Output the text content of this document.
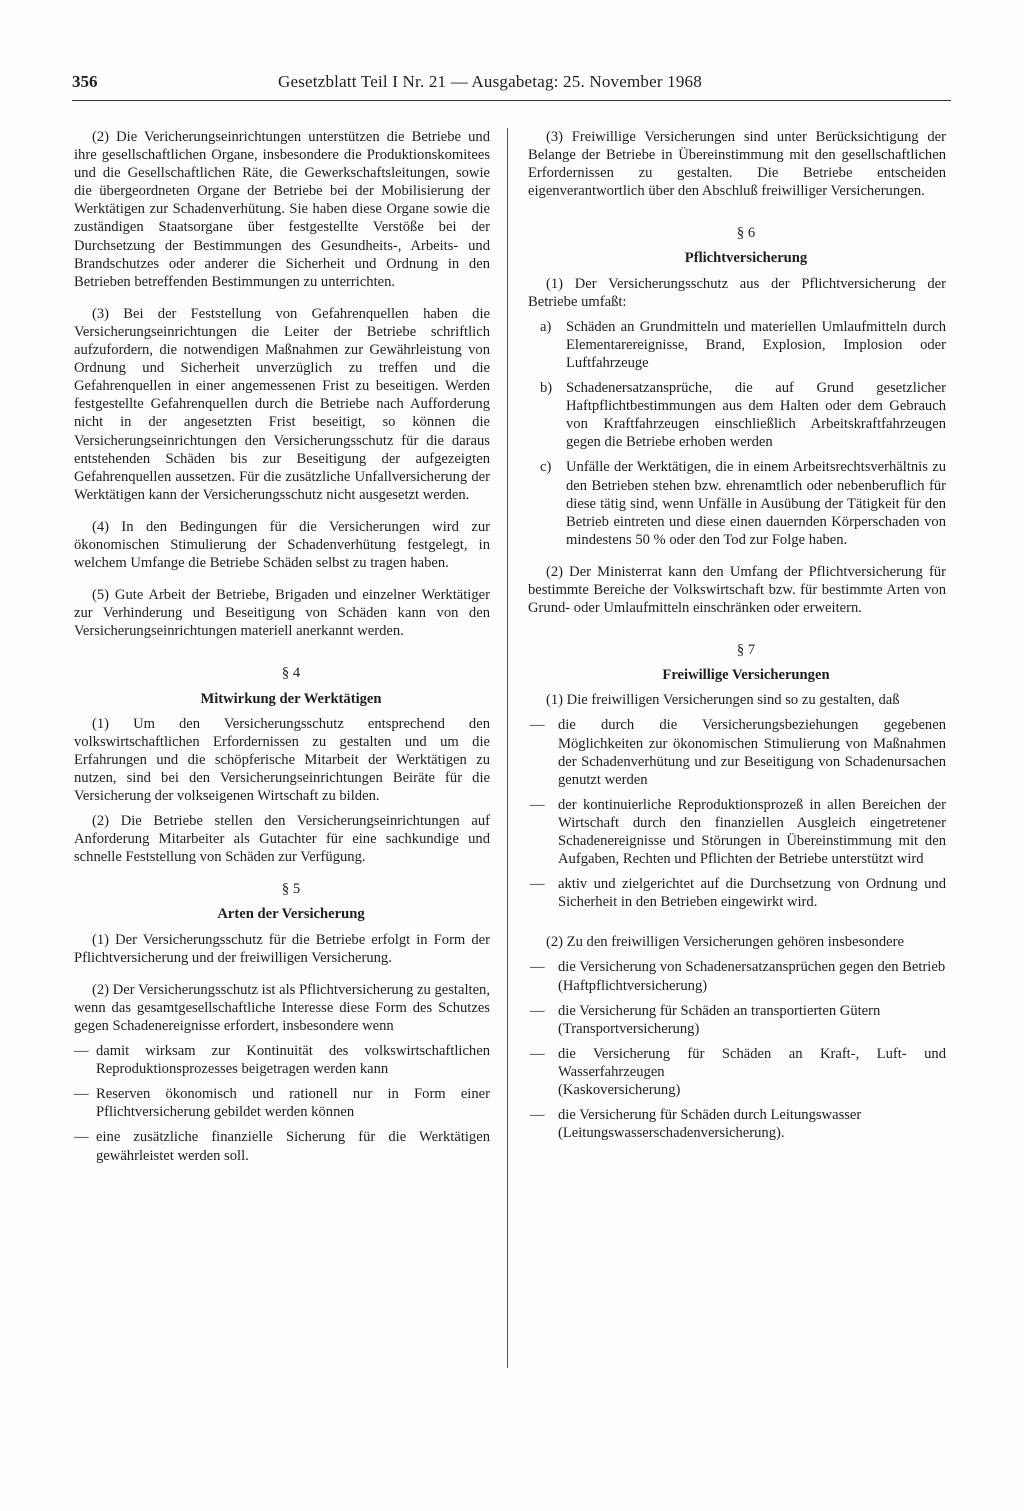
356	Gesetzblatt Teil I Nr. 21 — Ausgabetag: 25. November 1968

(2) Die Vericherungseinrichtungen unterstützen die Betriebe und ihre gesellschaftlichen Organe, insbesondere die Produktionskomitees und die Gesellschaftlichen Räte, die Gewerkschaftsleitungen, sowie die übergeordneten Organe der Betriebe bei der Mobilisierung der Werktätigen zur Schadenverhütung. Sie haben diese Organe sowie die zuständigen Staatsorgane über festgestellte Verstöße bei der Durchsetzung der Bestimmungen des Gesundheits-, Arbeits- und Brandschutzes oder anderer die Sicherheit und Ordnung in den Betrieben betreffenden Bestimmungen zu unterrichten.

(3) Bei der Feststellung von Gefahrenquellen haben die Versicherungseinrichtungen die Leiter der Betriebe schriftlich aufzufordern, die notwendigen Maßnahmen zur Gewährleistung von Ordnung und Sicherheit unverzüglich zu treffen und die Gefahrenquellen in einer angemessenen Frist zu beseitigen. Werden festgestellte Gefahrenquellen durch die Betriebe nach Aufforderung nicht in der angesetzten Frist beseitigt, so können die Versicherungseinrichtungen den Versicherungsschutz für die daraus entstehenden Schäden bis zur Beseitigung der aufgezeigten Gefahrenquellen aussetzen. Für die zusätzliche Unfallversicherung der Werktätigen kann der Versicherungsschutz nicht ausgesetzt werden.

(4) In den Bedingungen für die Versicherungen wird zur ökonomischen Stimulierung der Schadenverhütung festgelegt, in welchem Umfange die Betriebe Schäden selbst zu tragen haben.

(5) Gute Arbeit der Betriebe, Brigaden und einzelner Werktätiger zur Verhinderung und Beseitigung von Schäden kann von den Versicherungseinrichtungen materiell anerkannt werden.

§ 4

Mitwirkung der Werktätigen

(1) Um den Versicherungsschutz entsprechend den volkswirtschaftlichen Erfordernissen zu gestalten und um die Erfahrungen und die schöpferische Mitarbeit der Werktätigen zu nutzen, sind bei den Versicherungseinrichtungen Beiräte für die Versicherung der volkseigenen Wirtschaft zu bilden.

(2) Die Betriebe stellen den Versicherungseinrichtungen auf Anforderung Mitarbeiter als Gutachter für eine sachkundige und schnelle Feststellung von Schäden zur Verfügung.

§ 5

Arten der Versicherung

(1) Der Versicherungsschutz für die Betriebe erfolgt in Form der Pflichtversicherung und der freiwilligen Versicherung.

(2) Der Versicherungsschutz ist als Pflichtversicherung zu gestalten, wenn das gesamtgesellschaftliche Interesse diese Form des Schutzes gegen Schadenereignisse erfordert, insbesondere wenn

— damit wirksam zur Kontinuität des volkswirtschaftlichen Reproduktionsprozesses beigetragen werden kann
— Reserven ökonomisch und rationell nur in Form einer Pflichtversicherung gebildet werden können
— eine zusätzliche finanzielle Sicherung für die Werktätigen gewährleistet werden soll.

(3) Freiwillige Versicherungen sind unter Berücksichtigung der Belange der Betriebe in Übereinstimmung mit den gesellschaftlichen Erfordernissen zu gestalten. Die Betriebe entscheiden eigenverantwortlich über den Abschluß freiwilliger Versicherungen.

§ 6

Pflichtversicherung

(1) Der Versicherungsschutz aus der Pflichtversicherung der Betriebe umfaßt:

a) Schäden an Grundmitteln und materiellen Umlaufmitteln durch Elementarereignisse, Brand, Explosion, Implosion oder Luftfahrzeuge
b) Schadenersatzansprüche, die auf Grund gesetzlicher Haftpflichtbestimmungen aus dem Halten oder dem Gebrauch von Kraftfahrzeugen einschließlich Arbeitskraftfahrzeugen gegen die Betriebe erhoben werden
c) Unfälle der Werktätigen, die in einem Arbeitsrechtsverhältnis zu den Betrieben stehen bzw. ehrenamtlich oder nebenberuflich für diese tätig sind, wenn Unfälle in Ausübung der Tätigkeit für den Betrieb eintreten und diese einen dauernden Körperschaden von mindestens 50 % oder den Tod zur Folge haben.

(2) Der Ministerrat kann den Umfang der Pflichtversicherung für bestimmte Bereiche der Volkswirtschaft bzw. für bestimmte Arten von Grund- oder Umlaufmitteln einschränken oder erweitern.

§ 7

Freiwillige Versicherungen

(1) Die freiwilligen Versicherungen sind so zu gestalten, daß

— die durch die Versicherungsbeziehungen gegebenen Möglichkeiten zur ökonomischen Stimulierung von Maßnahmen der Schadenverhütung und zur Beseitigung von Schadenursachen genutzt werden
— der kontinuierliche Reproduktionsprozeß in allen Bereichen der Wirtschaft durch den finanziellen Ausgleich eingetretener Schadenereignisse und Störungen in Übereinstimmung mit den Aufgaben, Rechten und Pflichten der Betriebe unterstützt wird
— aktiv und zielgerichtet auf die Durchsetzung von Ordnung und Sicherheit in den Betrieben eingewirkt wird.

(2) Zu den freiwilligen Versicherungen gehören insbesondere

— die Versicherung von Schadenersatzansprüchen gegen den Betrieb
(Haftpflichtversicherung)
— die Versicherung für Schäden an transportierten Gütern
(Transportversicherung)
— die Versicherung für Schäden an Kraft-, Luft- und Wasserfahrzeugen
(Kaskoversicherung)
— die Versicherung für Schäden durch Leitungswasser
(Leitungswasserschadenversicherung).
